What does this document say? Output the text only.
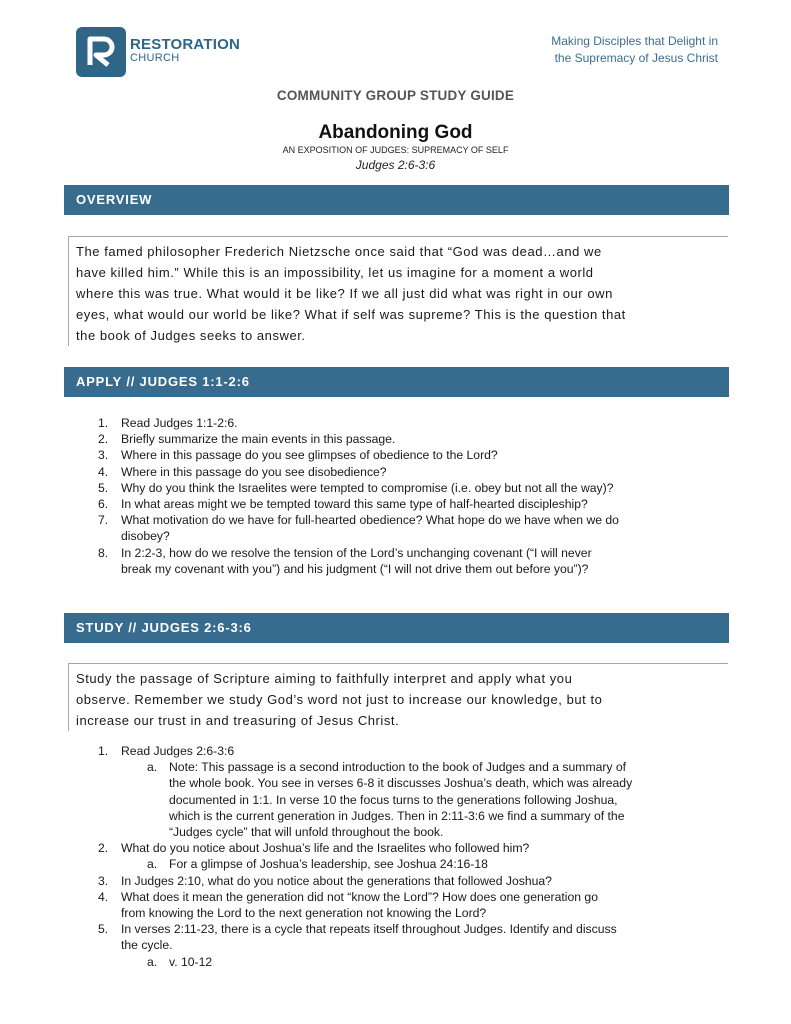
RESTORATION
CHURCH
Making Disciples that Delight in
the Supremacy of Jesus Christ
COMMUNITY GROUP STUDY GUIDE
Abandoning God
AN EXPOSITION OF JUDGES: SUPREMACY OF SELF
Judges 2:6-3:6
OVERVIEW
The famed philosopher Frederich Nietzsche once said that “God was dead…and we
have killed him.” While this is an impossibility, let us imagine for a moment a world
where this was true. What would it be like? If we all just did what was right in our own
eyes, what would our world be like? What if self was supreme? This is the question that
the book of Judges seeks to answer.
APPLY // JUDGES 1:1-2:6
1. Read Judges 1:1-2:6.
2. Briefly summarize the main events in this passage.
3. Where in this passage do you see glimpses of obedience to the Lord?
4. Where in this passage do you see disobedience?
5. Why do you think the Israelites were tempted to compromise (i.e. obey but not all the way)?
6. In what areas might we be tempted toward this same type of half-hearted discipleship?
7. What motivation do we have for full-hearted obedience? What hope do we have when we do
disobey?
8. In 2:2-3, how do we resolve the tension of the Lord’s unchanging covenant (“I will never
break my covenant with you”) and his judgment (“I will not drive them out before you”)?
STUDY // JUDGES 2:6-3:6
Study the passage of Scripture aiming to faithfully interpret and apply what you
observe. Remember we study God’s word not just to increase our knowledge, but to
increase our trust in and treasuring of Jesus Christ.
1. Read Judges 2:6-3:6
a. Note: This passage is a second introduction to the book of Judges and a summary of
the whole book. You see in verses 6-8 it discusses Joshua’s death, which was already
documented in 1:1. In verse 10 the focus turns to the generations following Joshua,
which is the current generation in Judges. Then in 2:11-3:6 we find a summary of the
“Judges cycle” that will unfold throughout the book.
2. What do you notice about Joshua’s life and the Israelites who followed him?
a. For a glimpse of Joshua’s leadership, see Joshua 24:16-18
3. In Judges 2:10, what do you notice about the generations that followed Joshua?
4. What does it mean the generation did not “know the Lord”? How does one generation go
from knowing the Lord to the next generation not knowing the Lord?
5. In verses 2:11-23, there is a cycle that repeats itself throughout Judges. Identify and discuss
the cycle.
a. v. 10-12
